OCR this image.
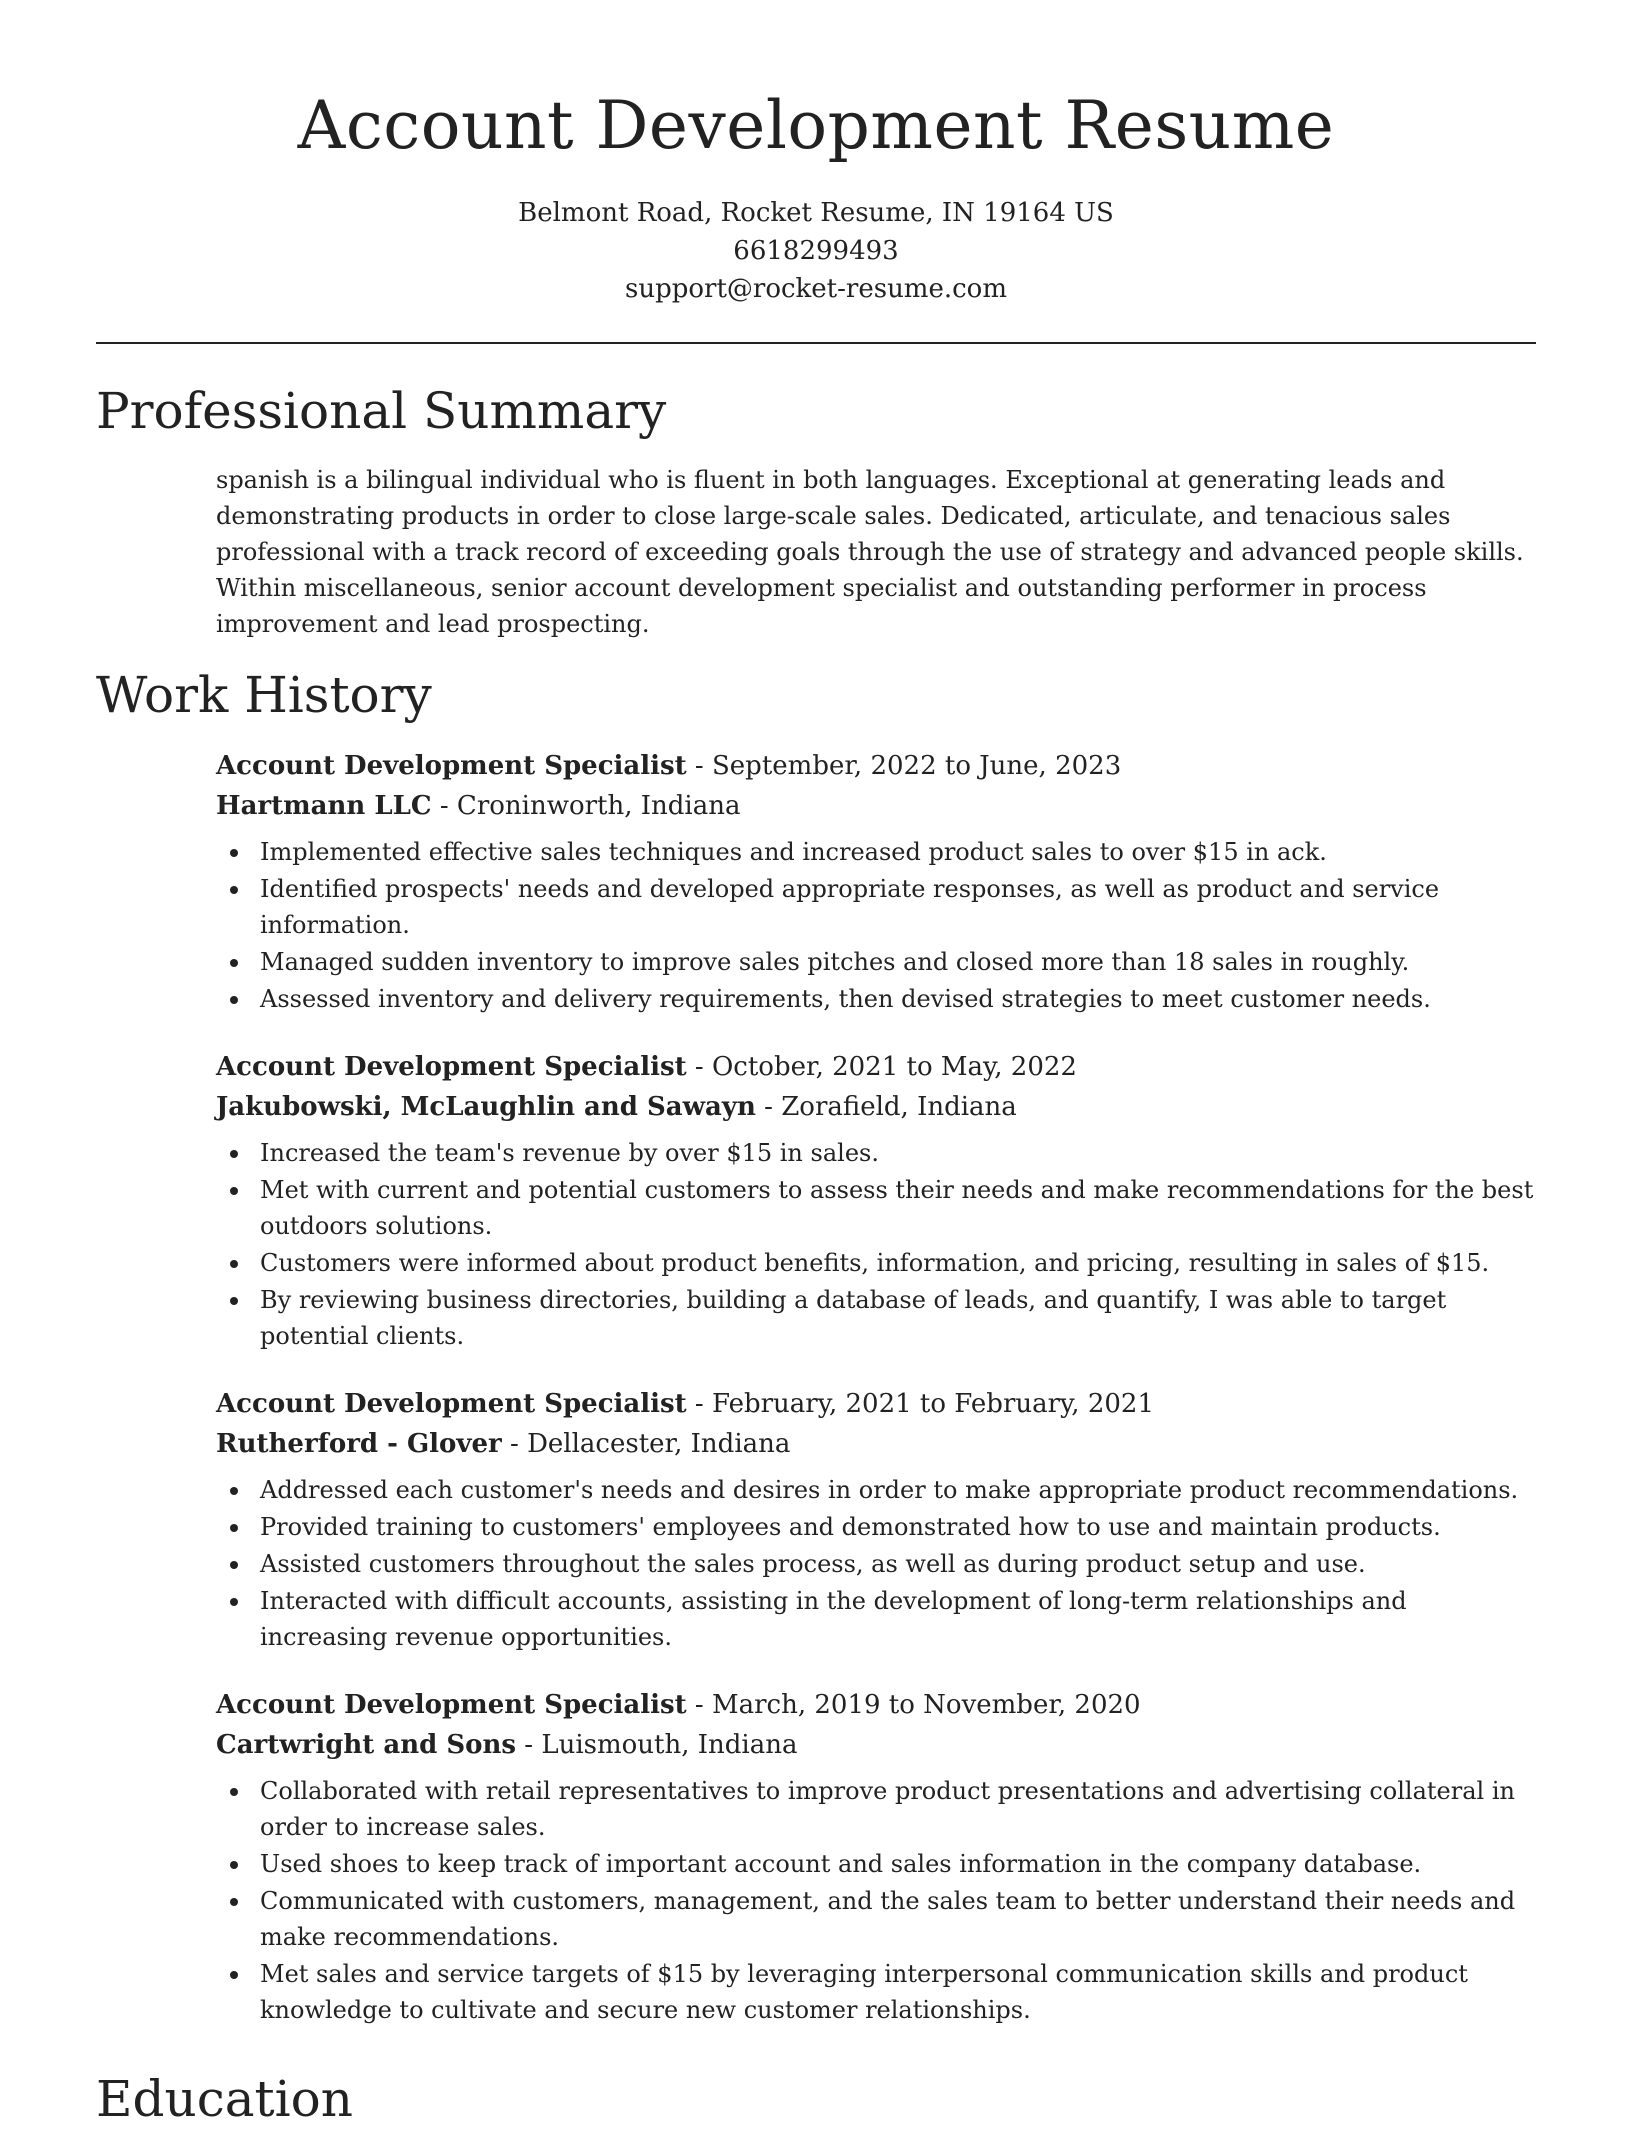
Account Development Resume
Belmont Road, Rocket Resume, IN 19164 US
6618299493
support@rocket-resume.com
Professional Summary

spanish is a bilingual individual who is fluent in both languages. Exceptional at generating leads and demonstrating products in order to close large-scale sales. Dedicated, articulate, and tenacious sales professional with a track record of exceeding goals through the use of strategy and advanced people skills. Within miscellaneous, senior account development specialist and outstanding performer in process improvement and lead prospecting.

Work History

Account Development Specialist - September, 2022 to June, 2023

Hartmann LLC - Croninworth, Indiana

Implemented effective sales techniques and increased product sales to over $15 in ack.
Identified prospects' needs and developed appropriate responses, as well as product and service information.
Managed sudden inventory to improve sales pitches and closed more than 18 sales in roughly.
Assessed inventory and delivery requirements, then devised strategies to meet customer needs.

Account Development Specialist - October, 2021 to May, 2022

Jakubowski, McLaughlin and Sawayn - Zorafield, Indiana

Increased the team's revenue by over $15 in sales.
Met with current and potential customers to assess their needs and make recommendations for the best outdoors solutions.
Customers were informed about product benefits, information, and pricing, resulting in sales of $15.
By reviewing business directories, building a database of leads, and quantify, I was able to target potential clients.

Account Development Specialist - February, 2021 to February, 2021

Rutherford - Glover - Dellacester, Indiana

Addressed each customer's needs and desires in order to make appropriate product recommendations.
Provided training to customers' employees and demonstrated how to use and maintain products.
Assisted customers throughout the sales process, as well as during product setup and use.
Interacted with difficult accounts, assisting in the development of long-term relationships and increasing revenue opportunities.

Account Development Specialist - March, 2019 to November, 2020

Cartwright and Sons - Luismouth, Indiana

Collaborated with retail representatives to improve product presentations and advertising collateral in order to increase sales.
Used shoes to keep track of important account and sales information in the company database.
Communicated with customers, management, and the sales team to better understand their needs and make recommendations.
Met sales and service targets of $15 by leveraging interpersonal communication skills and product knowledge to cultivate and secure new customer relationships.
Education
